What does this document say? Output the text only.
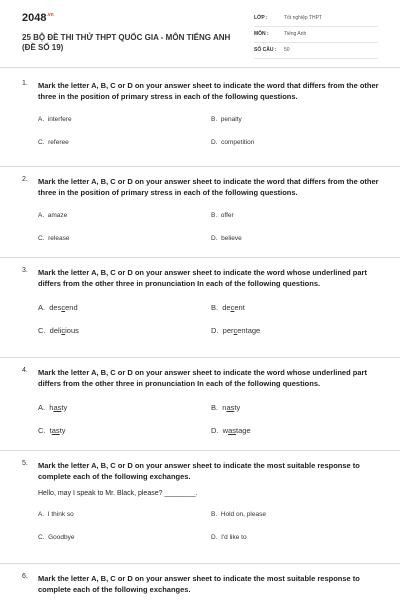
$2048^{.vn}$
25 BỘ ĐỀ THI THỬ THPT QUỐC GIA - MÔN TIẾNG ANH (ĐỀ SỐ 19)
LỚP :	Tốt nghiệp THPT
MÔN :	Tiếng Anh
SỐ CÂU : 50
1. Mark the letter A, B, C or D on your answer sheet to indicate the word that differs from the other three in the position of primary stress in each of the following questions.
A.  interfere	B.  penalty
C.  referee	D.  competition
2. Mark the letter A, B, C or D on your answer sheet to indicate the word that differs from the other three in the position of primary stress in each of the following questions.
A.  amaze	B.  offer
C.  release	D.  believe
3. Mark the letter A, B, C or D on your answer sheet to indicate the word whose underlined part differs from the other three in pronunciation In each of the following questions.
A.  descend	B.  decent
C.  delicious	D.  percentage
4. Mark the letter A, B, C or D on your answer sheet to indicate the word whose underlined part differs from the other three in pronunciation In each of the following questions.
A.  hasty	B.  nasty
C.  tasty	D.  wastage
5. Mark the letter A, B, C or D on your answer sheet to indicate the most suitable response to complete each of the following exchanges.
Hello, may I speak to Mr. Black, please? ________.
A.  I think so	B.  Hold on, please
C.  Goodbye	D.  I'd like to
6. Mark the letter A, B, C or D on your answer sheet to indicate the most suitable response to complete each of the following exchanges.
